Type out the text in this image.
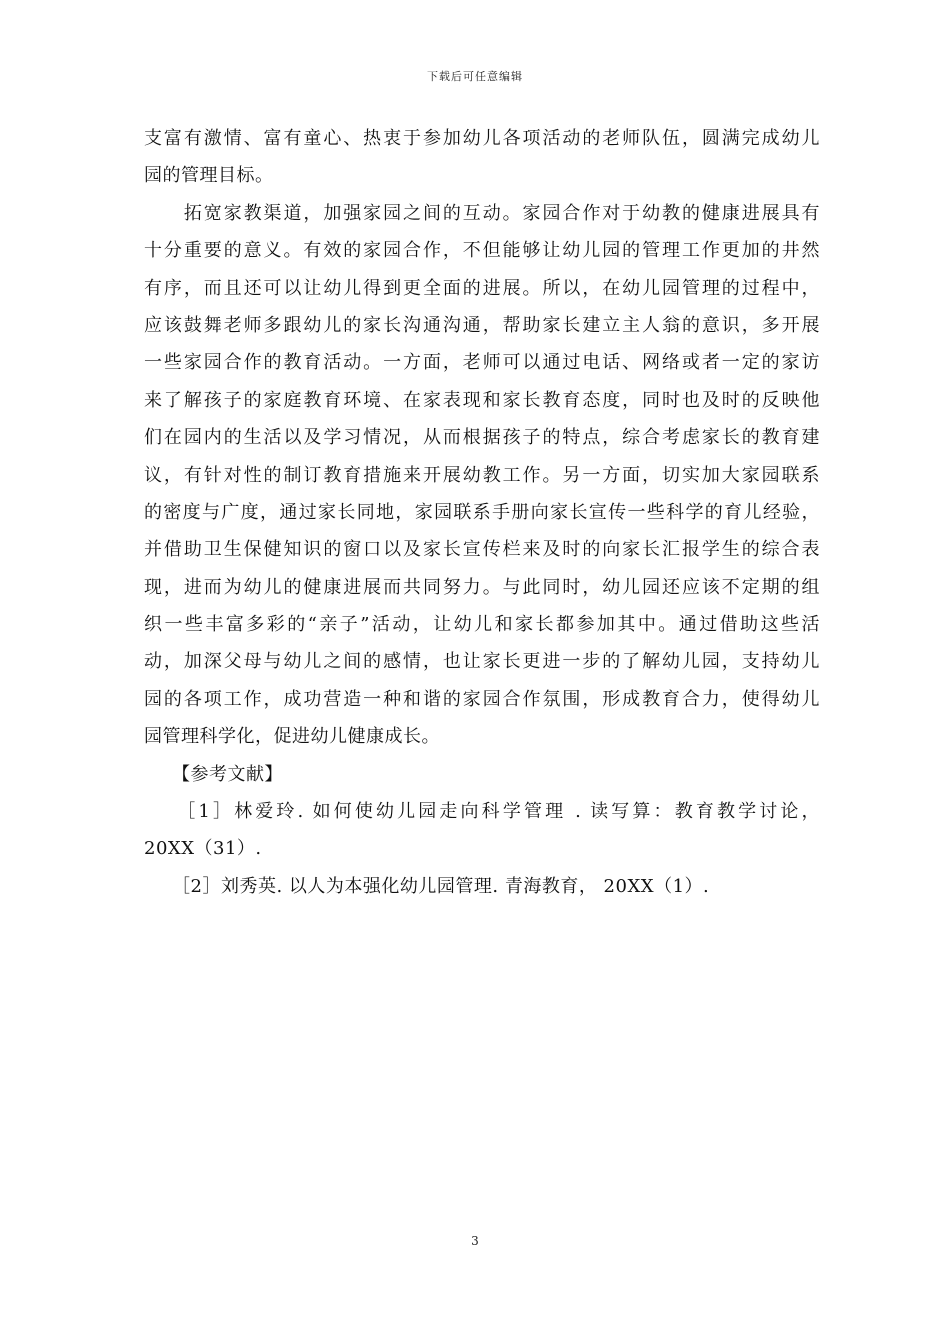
下载后可任意编辑
支富有激情、富有童心、热衷于参加幼儿各项活动的老师队伍，圆满完成幼儿
园的管理目标。
　　拓宽家教渠道，加强家园之间的互动。家园合作对于幼教的健康进展具有
十分重要的意义。有效的家园合作，不但能够让幼儿园的管理工作更加的井然
有序，而且还可以让幼儿得到更全面的进展。所以，在幼儿园管理的过程中，
应该鼓舞老师多跟幼儿的家长沟通沟通，帮助家长建立主人翁的意识，多开展
一些家园合作的教育活动。一方面，老师可以通过电话、网络或者一定的家访
来了解孩子的家庭教育环境、在家表现和家长教育态度，同时也及时的反映他
们在园内的生活以及学习情况，从而根据孩子的特点，综合考虑家长的教育建
议，有针对性的制订教育措施来开展幼教工作。另一方面，切实加大家园联系
的密度与广度，通过家长同地，家园联系手册向家长宣传一些科学的育儿经验，
并借助卫生保健知识的窗口以及家长宣传栏来及时的向家长汇报学生的综合表
现，进而为幼儿的健康进展而共同努力。与此同时，幼儿园还应该不定期的组
织一些丰富多彩的“亲子”活动，让幼儿和家长都参加其中。通过借助这些活
动，加深父母与幼儿之间的感情，也让家长更进一步的了解幼儿园，支持幼儿
园的各项工作，成功营造一种和谐的家园合作氛围，形成教育合力，使得幼儿
园管理科学化，促进幼儿健康成长。
　　【参考文献】
　　［1］林爱玲. 如何使幼儿园走向科学管理 . 读写算：教育教学讨论，
20XX（31）.
　　［2］刘秀英. 以人为本强化幼儿园管理. 青海教育， 20XX（1）.
3
